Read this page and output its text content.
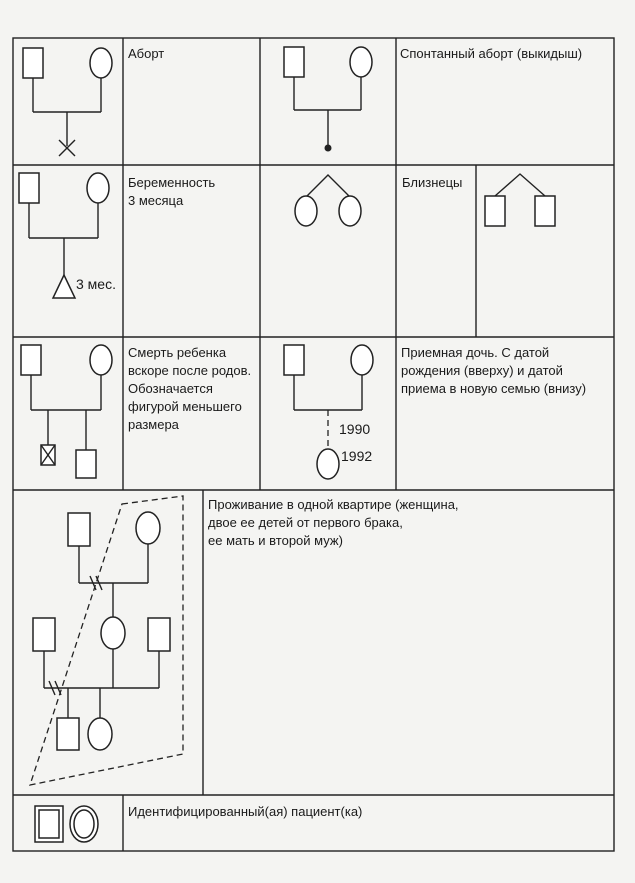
Аборт	Спонтанный аборт (выкидыш)
Беременность
3 месяца
3 мес.
Близнецы
Смерть ребенка
вскоре после родов.
Обозначается
фигурой меньшего
размера	1990
1992
Приемная дочь. С датой
рождения (вверху) и датой
приема в новую семью (внизу)
Проживание в одной квартире (женщина,
двое ее детей от первого брака,
ее мать и второй муж)
Идентифицированный(ая) пациент(ка)
